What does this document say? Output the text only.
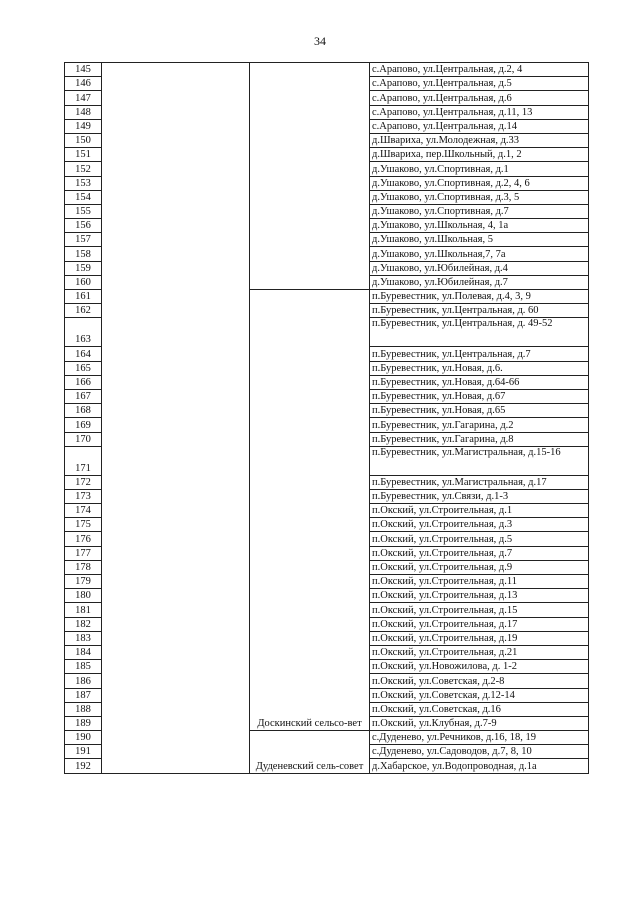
34
145			с.Арапово, ул.Центральная, д.2, 4
146			с.Арапово, ул.Центральная, д.5
147			с.Арапово, ул.Центральная, д.6
148			с.Арапово, ул.Центральная, д.11, 13
149			с.Арапово, ул.Центральная, д.14
150			д.Швариха, ул.Молодежная, д.33
151			д.Швариха, пер.Школьный, д.1, 2
152			д.Ушаково, ул.Спортивная, д.1
153			д.Ушаково, ул.Спортивная, д.2, 4, 6
154			д.Ушаково, ул.Спортивная, д.3, 5
155			д.Ушаково, ул.Спортивная, д.7
156			д.Ушаково, ул.Школьная, 4, 1а
157			д.Ушаково, ул.Школьная, 5
158			д.Ушаково, ул.Школьная,7, 7а
159			д.Ушаково, ул.Юбилейная, д.4
160			д.Ушаково, ул.Юбилейная, д.7
161		Доскинский сельсо-вет	п.Буревестник, ул.Полевая, д.4, 3, 9
162			п.Буревестник, ул.Центральная, д. 60
163			п.Буревестник, ул.Центральная, д. 49-52
164			п.Буревестник, ул.Центральная, д.7
165			п.Буревестник, ул.Новая, д.6.
166			п.Буревестник, ул.Новая, д.64-66
167			п.Буревестник, ул.Новая, д.67
168			п.Буревестник, ул.Новая, д.65
169			п.Буревестник, ул.Гагарина, д.2
170			п.Буревестник, ул.Гагарина, д.8
171			п.Буревестник, ул.Магистральная, д.15-16
172			п.Буревестник, ул.Магистральная, д.17
173			п.Буревестник, ул.Связи, д.1-3
174			п.Окский, ул.Строительная, д.1
175			п.Окский, ул.Строительная, д.3
176			п.Окский, ул.Строительная, д.5
177			п.Окский, ул.Строительная, д.7
178			п.Окский, ул.Строительная, д.9
179			п.Окский, ул.Строительная, д.11
180			п.Окский, ул.Строительная, д.13
181			п.Окский, ул.Строительная, д.15
182			п.Окский, ул.Строительная, д.17
183			п.Окский, ул.Строительная, д.19
184			п.Окский, ул.Строительная, д.21
185			п.Окский, ул.Новожилова, д. 1-2
186			п.Окский, ул.Советская, д.2-8
187			п.Окский, ул.Советская, д.12-14
188			п.Окский, ул.Советская, д.16
189			п.Окский, ул.Клубная, д.7-9
190		Дуденевский сель-совет	с.Дуденево, ул.Речников, д.16, 18, 19
191			с.Дуденево, ул.Садоводов, д.7, 8, 10
192			д.Хабарское, ул.Водопроводная, д.1а
